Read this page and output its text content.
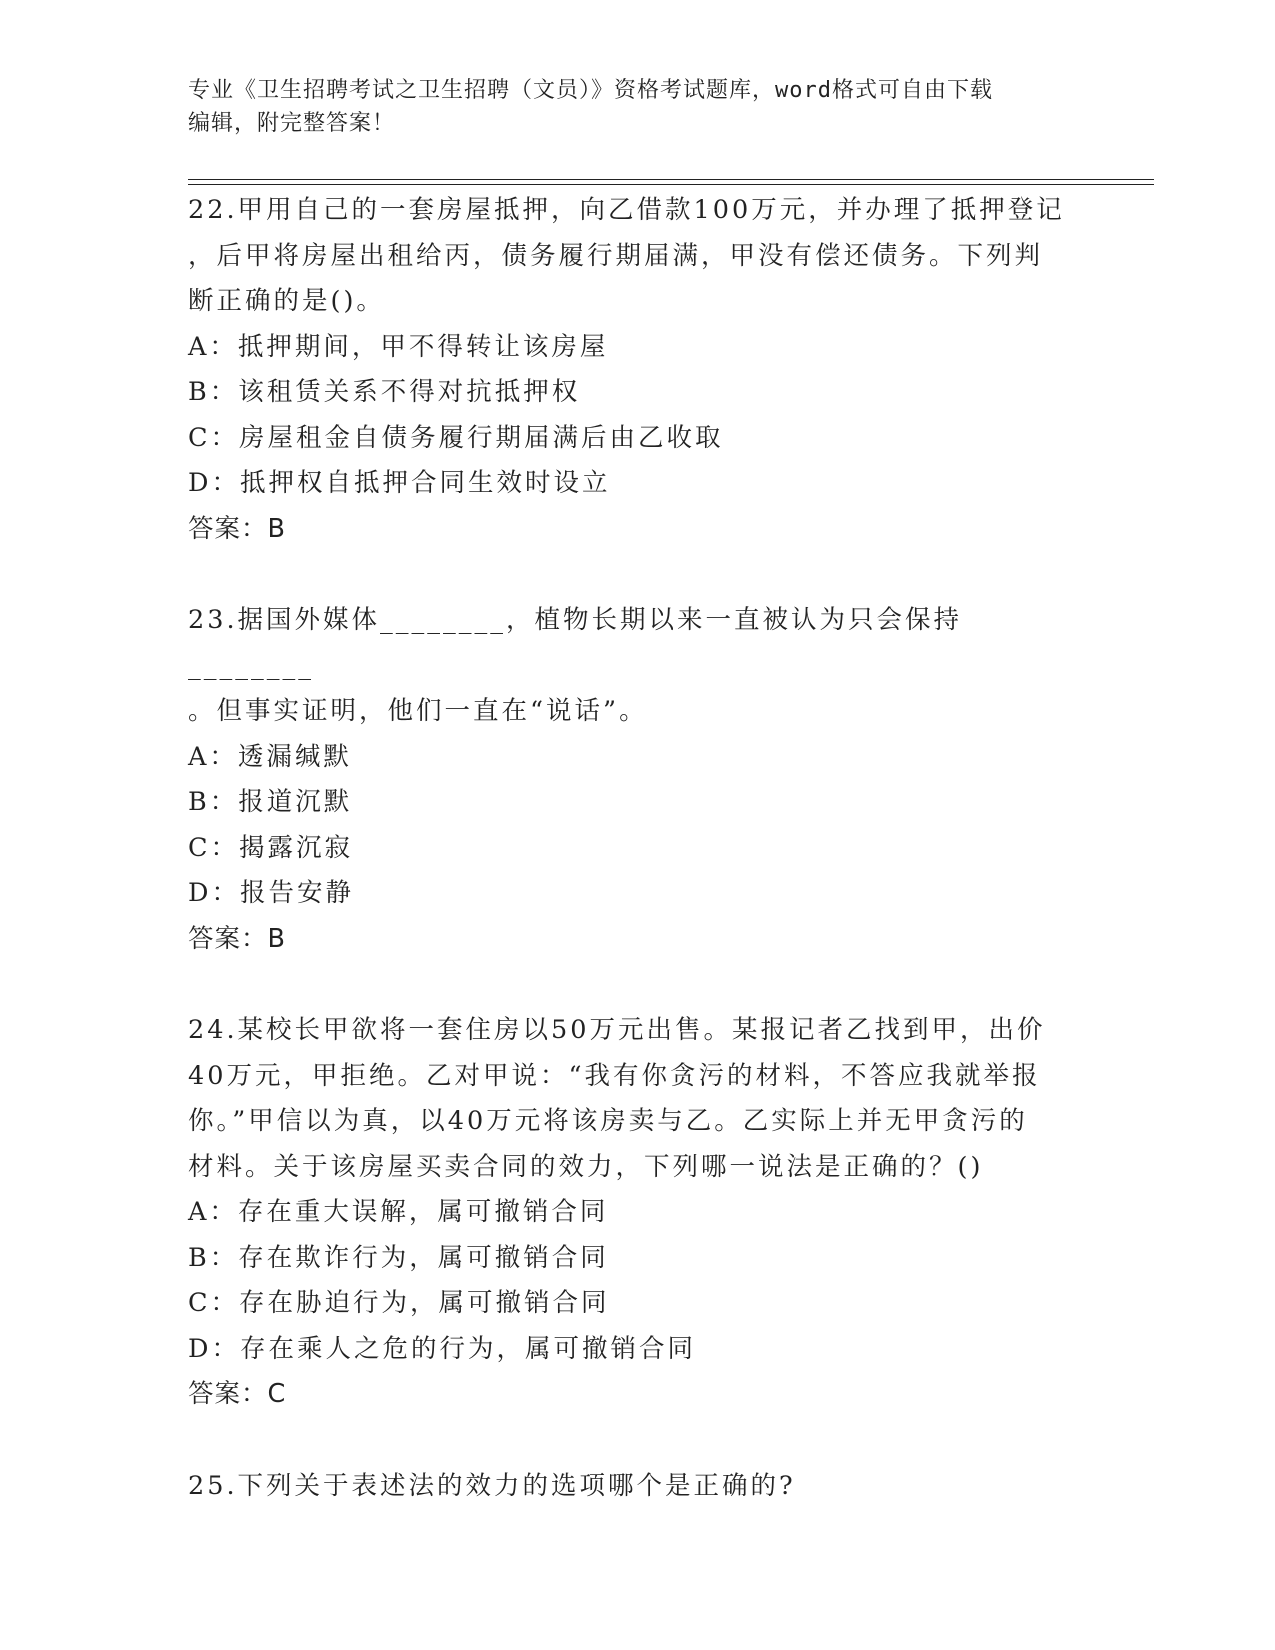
专业《卫生招聘考试之卫生招聘（文员）》资格考试题库，word格式可自由下载
编辑，附完整答案！

22.甲用自己的一套房屋抵押，向乙借款100万元，并办理了抵押登记

，后甲将房屋出租给丙，债务履行期届满，甲没有偿还债务。下列判

断正确的是()。

A：抵押期间，甲不得转让该房屋

B：该租赁关系不得对抗抵押权

C：房屋租金自债务履行期届满后由乙收取

D：抵押权自抵押合同生效时设立

答案：B

23.据国外媒体________，植物长期以来一直被认为只会保持________

。但事实证明，他们一直在“说话”。

A：透漏缄默

B：报道沉默

C：揭露沉寂

D：报告安静

答案：B

24.某校长甲欲将一套住房以50万元出售。某报记者乙找到甲，出价

40万元，甲拒绝。乙对甲说：“我有你贪污的材料，不答应我就举报

你。”甲信以为真，以40万元将该房卖与乙。乙实际上并无甲贪污的

材料。关于该房屋买卖合同的效力，下列哪一说法是正确的？()

A：存在重大误解，属可撤销合同

B：存在欺诈行为，属可撤销合同

C：存在胁迫行为，属可撤销合同

D：存在乘人之危的行为，属可撤销合同

答案：C

25.下列关于表述法的效力的选项哪个是正确的?
